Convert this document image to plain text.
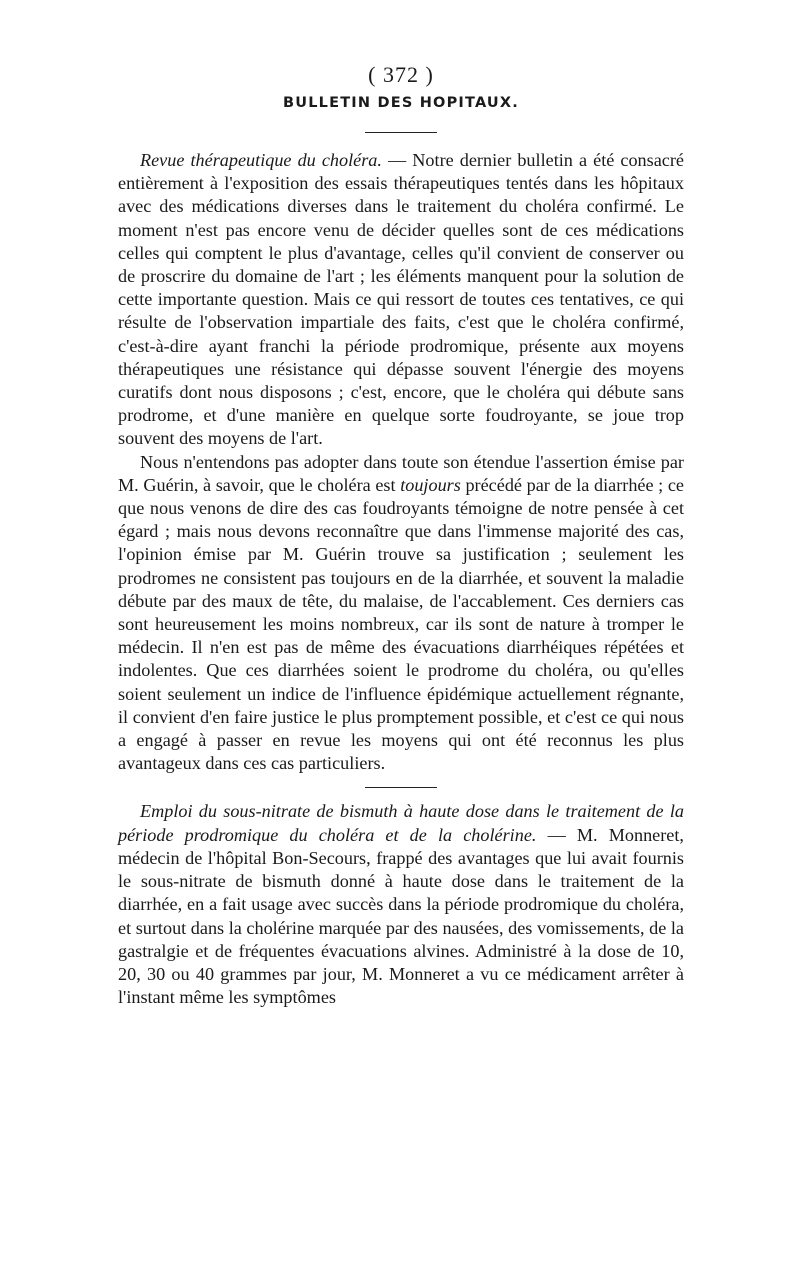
( 372 )
BULLETIN DES HOPITAUX.

Revue thérapeutique du choléra. — Notre dernier bulletin a été consacré entièrement à l'exposition des essais thérapeutiques tentés dans les hôpitaux avec des médications diverses dans le traitement du choléra confirmé. Le moment n'est pas encore venu de décider quelles sont de ces médications celles qui comptent le plus d'avantage, celles qu'il convient de conserver ou de proscrire du domaine de l'art ; les éléments manquent pour la solution de cette importante question. Mais ce qui ressort de toutes ces tentatives, ce qui résulte de l'observation impartiale des faits, c'est que le choléra confirmé, c'est-à-dire ayant franchi la période prodromique, présente aux moyens thérapeutiques une résistance qui dépasse souvent l'énergie des moyens curatifs dont nous disposons ; c'est, encore, que le choléra qui débute sans prodrome, et d'une manière en quelque sorte foudroyante, se joue trop souvent des moyens de l'art.

Nous n'entendons pas adopter dans toute son étendue l'assertion émise par M. Guérin, à savoir, que le choléra est toujours précédé par de la diarrhée ; ce que nous venons de dire des cas foudroyants témoigne de notre pensée à cet égard ; mais nous devons reconnaître que dans l'immense majorité des cas, l'opinion émise par M. Guérin trouve sa justification ; seulement les prodromes ne consistent pas toujours en de la diarrhée, et souvent la maladie débute par des maux de tête, du malaise, de l'accablement. Ces derniers cas sont heureusement les moins nombreux, car ils sont de nature à tromper le médecin. Il n'en est pas de même des évacuations diarrhéiques répétées et indolentes. Que ces diarrhées soient le prodrome du choléra, ou qu'elles soient seulement un indice de l'influence épidémique actuellement régnante, il convient d'en faire justice le plus promptement possible, et c'est ce qui nous a engagé à passer en revue les moyens qui ont été reconnus les plus avantageux dans ces cas particuliers.

Emploi du sous-nitrate de bismuth à haute dose dans le traitement de la période prodromique du choléra et de la cholérine. — M. Monneret, médecin de l'hôpital Bon-Secours, frappé des avantages que lui avait fournis le sous-nitrate de bismuth donné à haute dose dans le traitement de la diarrhée, en a fait usage avec succès dans la période prodromique du choléra, et surtout dans la cholérine marquée par des nausées, des vomissements, de la gastralgie et de fréquentes évacuations alvines. Administré à la dose de 10, 20, 30 ou 40 grammes par jour, M. Monneret a vu ce médicament arrêter à l'instant même les symptômes
